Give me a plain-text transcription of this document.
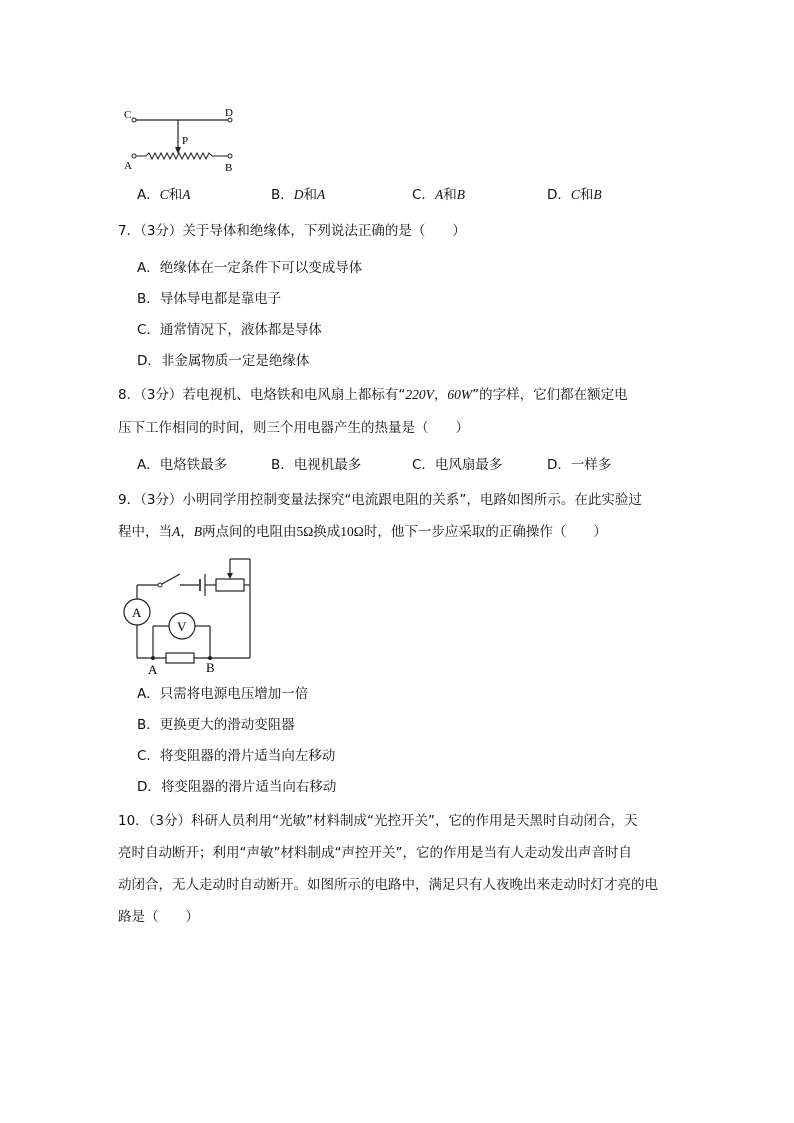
C	D
P
A	B
A．C和A	B．D和A	C．A和B	D．C和B
7．（3分）关于导体和绝缘体，下列说法正确的是（　　）
A．绝缘体在一定条件下可以变成导体
B．导体导电都是靠电子
C．通常情况下，液体都是导体
D．非金属物质一定是绝缘体
8．（3分）若电视机、电烙铁和电风扇上都标有“220V，60W”的字样，它们都在额定电
压下工作相同的时间，则三个用电器产生的热量是（　　）
A．电烙铁最多	B．电视机最多	C．电风扇最多	D．一样多
9．（3分）小明同学用控制变量法探究“电流跟电阻的关系”，电路如图所示。在此实验过
程中，当A，B两点间的电阻由5Ω换成10Ω时，他下一步应采取的正确操作（　　）
A
V
A	B
A．只需将电源电压增加一倍
B．更换更大的滑动变阻器
C．将变阻器的滑片适当向左移动
D．将变阻器的滑片适当向右移动
10．（3分）科研人员利用“光敏”材料制成“光控开关”，它的作用是天黑时自动闭合，天
亮时自动断开；利用“声敏”材料制成“声控开关”，它的作用是当有人走动发出声音时自
动闭合，无人走动时自动断开。如图所示的电路中，满足只有人夜晚出来走动时灯才亮的电
路是（　　）
